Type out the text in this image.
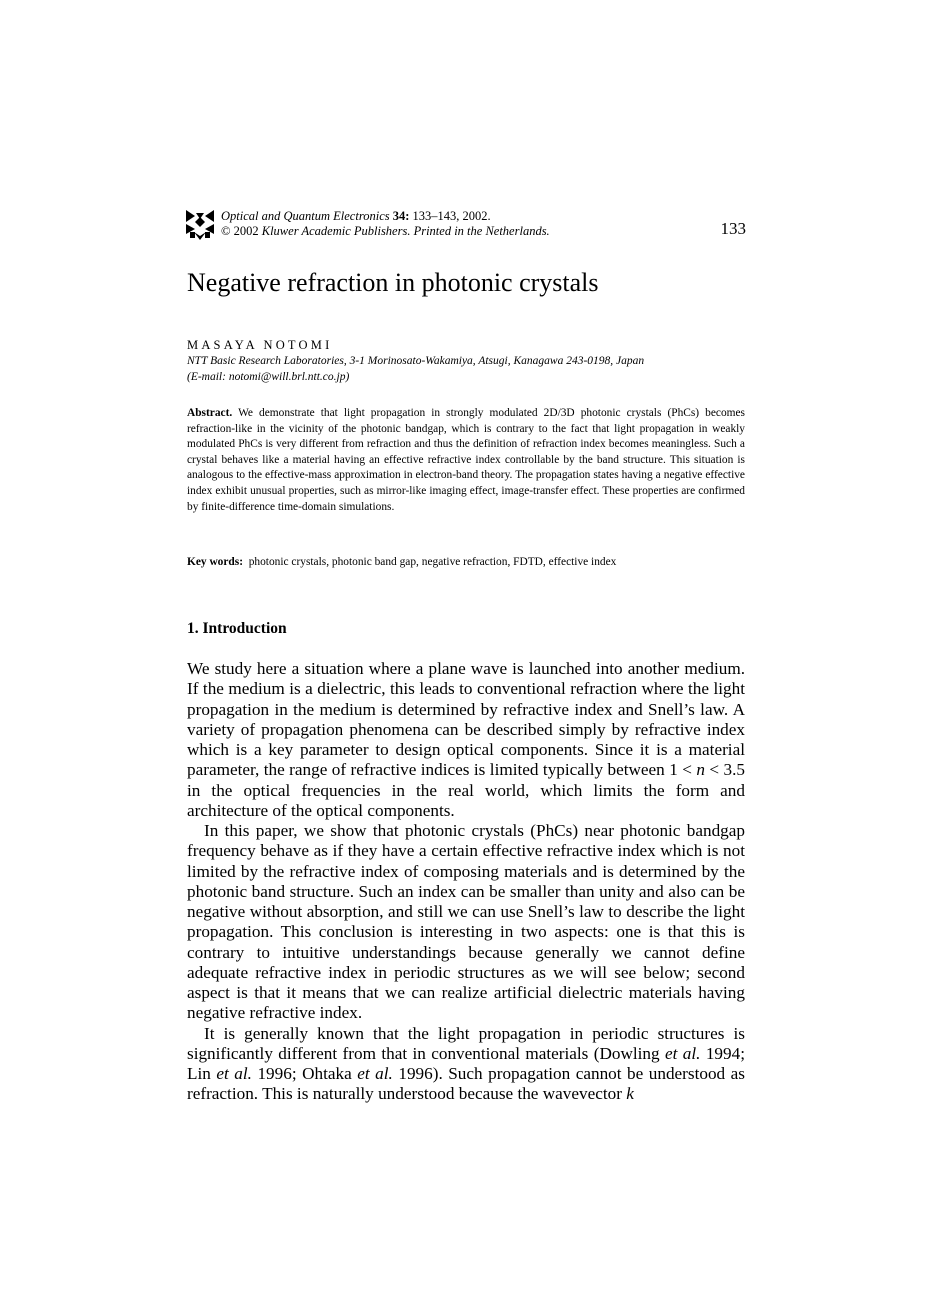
Optical and Quantum Electronics 34: 133–143, 2002.
© 2002 Kluwer Academic Publishers. Printed in the Netherlands.	133
Negative refraction in photonic crystals
MASAYA NOTOMI
NTT Basic Research Laboratories, 3-1 Morinosato-Wakamiya, Atsugi, Kanagawa 243-0198, Japan
(E-mail: notomi@will.brl.ntt.co.jp)

Abstract. We demonstrate that light propagation in strongly modulated 2D/3D photonic crystals (PhCs) becomes refraction-like in the vicinity of the photonic bandgap, which is contrary to the fact that light propagation in weakly modulated PhCs is very different from refraction and thus the definition of refraction index becomes meaningless. Such a crystal behaves like a material having an effective refractive index controllable by the band structure. This situation is analogous to the effective-mass approximation in electron-band theory. The propagation states having a negative effective index exhibit unusual properties, such as mirror-like imaging effect, image-transfer effect. These properties are confirmed by finite-difference time-domain simulations.

Key words: photonic crystals, photonic band gap, negative refraction, FDTD, effective index
1. Introduction

We study here a situation where a plane wave is launched into another medium. If the medium is a dielectric, this leads to conventional refraction where the light propagation in the medium is determined by refractive index and Snell’s law. A variety of propagation phenomena can be described simply by refractive index which is a key parameter to design optical components. Since it is a material parameter, the range of refractive indices is limited typically between 1 < n < 3.5 in the optical frequencies in the real world, which limits the form and architecture of the optical components.

In this paper, we show that photonic crystals (PhCs) near photonic bandgap frequency behave as if they have a certain effective refractive index which is not limited by the refractive index of composing materials and is determined by the photonic band structure. Such an index can be smaller than unity and also can be negative without absorption, and still we can use Snell’s law to describe the light propagation. This conclusion is interesting in two aspects: one is that this is contrary to intuitive understandings because generally we cannot define adequate refractive index in periodic structures as we will see below; second aspect is that it means that we can realize artificial dielectric materials having negative refractive index.

It is generally known that the light propagation in periodic structures is significantly different from that in conventional materials (Dowling et al. 1994; Lin et al. 1996; Ohtaka et al. 1996). Such propagation cannot be understood as refraction. This is naturally understood because the wavevector k
